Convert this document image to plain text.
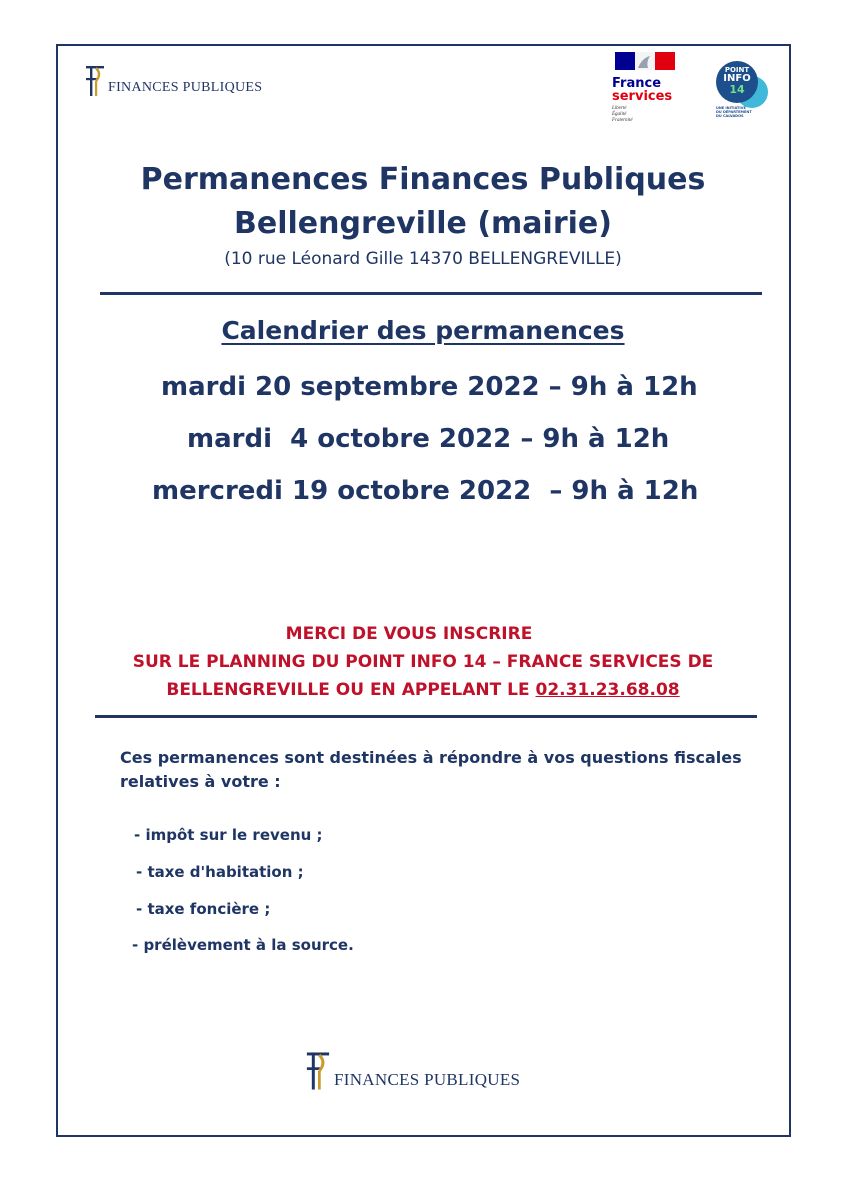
FINANCES PUBLIQUES	France
services
Liberté
Égalité
Fraternité
POINT
INFO
14
UNE INITIATIVE DU DÉPARTEMENT DU CALVADOS
Permanences Finances Publiques
Bellengreville (mairie)
(10 rue Léonard Gille 14370 BELLENGREVILLE)
Calendrier des permanences
mardi 20 septembre 2022 – 9h à 12h
mardi  4 octobre 2022 – 9h à 12h
mercredi 19 octobre 2022  – 9h à 12h
MERCI DE VOUS INSCRIRE
SUR LE PLANNING DU POINT INFO 14 – FRANCE SERVICES DE
BELLENGREVILLE OU EN APPELANT LE 02.31.23.68.08
Ces permanences sont destinées à répondre à vos questions fiscales relatives à votre :
- impôt sur le revenu ;
- taxe d'habitation ;
- taxe foncière ;
- prélèvement à la source.
FINANCES PUBLIQUES
